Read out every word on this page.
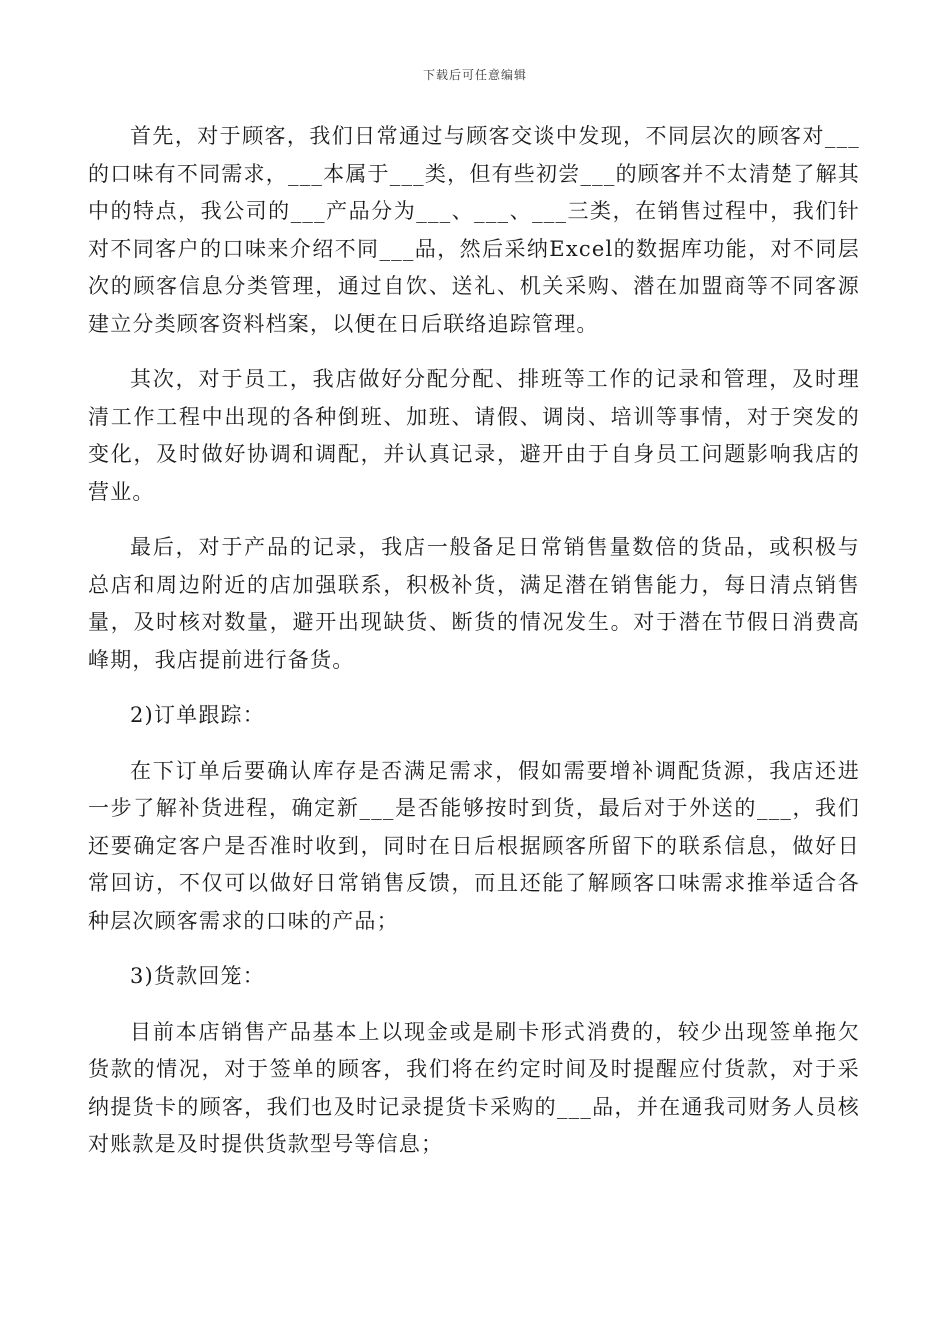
下载后可任意编辑

首先，对于顾客，我们日常通过与顾客交谈中发现，不同层次的顾客对___的口味有不同需求，___本属于___类，但有些初尝___的顾客并不太清楚了解其中的特点，我公司的___产品分为___、___、___三类，在销售过程中，我们针对不同客户的口味来介绍不同___品，然后采纳Excel的数据库功能，对不同层次的顾客信息分类管理，通过自饮、送礼、机关采购、潜在加盟商等不同客源建立分类顾客资料档案，以便在日后联络追踪管理。

其次，对于员工，我店做好分配分配、排班等工作的记录和管理，及时理清工作工程中出现的各种倒班、加班、请假、调岗、培训等事情，对于突发的变化，及时做好协调和调配，并认真记录，避开由于自身员工问题影响我店的营业。

最后，对于产品的记录，我店一般备足日常销售量数倍的货品，或积极与总店和周边附近的店加强联系，积极补货，满足潜在销售能力，每日清点销售量，及时核对数量，避开出现缺货、断货的情况发生。对于潜在节假日消费高峰期，我店提前进行备货。

2)订单跟踪：

在下订单后要确认库存是否满足需求，假如需要增补调配货源，我店还进一步了解补货进程，确定新___是否能够按时到货，最后对于外送的___，我们还要确定客户是否准时收到，同时在日后根据顾客所留下的联系信息，做好日常回访，不仅可以做好日常销售反馈，而且还能了解顾客口味需求推举适合各种层次顾客需求的口味的产品；

3)货款回笼：

目前本店销售产品基本上以现金或是刷卡形式消费的，较少出现签单拖欠货款的情况，对于签单的顾客，我们将在约定时间及时提醒应付货款，对于采纳提货卡的顾客，我们也及时记录提货卡采购的___品，并在通我司财务人员核对账款是及时提供货款型号等信息；
